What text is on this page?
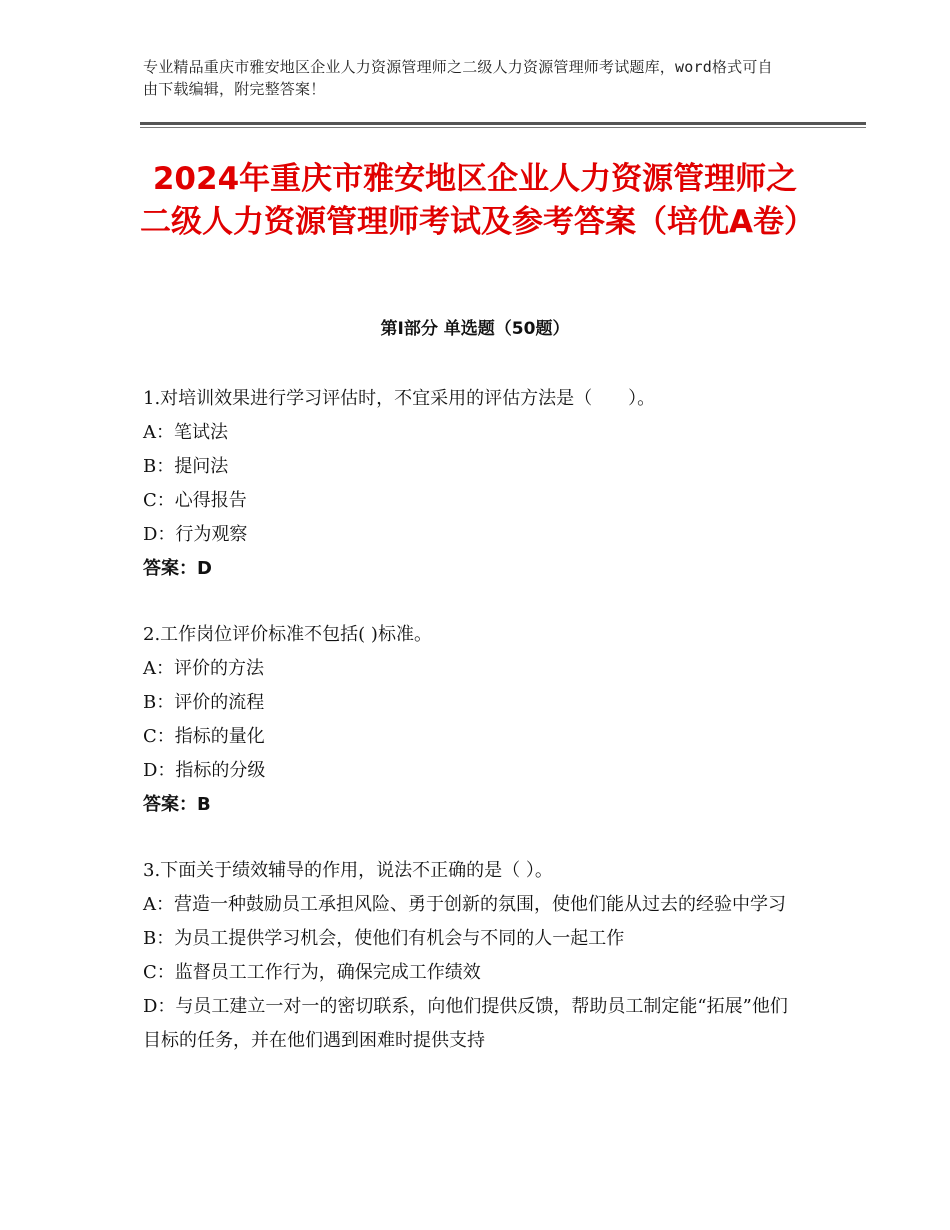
专业精品重庆市雅安地区企业人力资源管理师之二级人力资源管理师考试题库，word格式可自由下载编辑，附完整答案！
2024年重庆市雅安地区企业人力资源管理师之二级人力资源管理师考试及参考答案（培优A卷）
第Ⅰ部分 单选题（50题）
1.对培训效果进行学习评估时，不宜采用的评估方法是（　　）。
A：笔试法
B：提问法
C：心得报告
D：行为观察
答案：D
2.工作岗位评价标准不包括( )标准。
A：评价的方法
B：评价的流程
C：指标的量化
D：指标的分级
答案：B
3.下面关于绩效辅导的作用，说法不正确的是（ ）。
A：营造一种鼓励员工承担风险、勇于创新的氛围，使他们能从过去的经验中学习
B：为员工提供学习机会，使他们有机会与不同的人一起工作
C：监督员工工作行为，确保完成工作绩效
D：与员工建立一对一的密切联系，向他们提供反馈，帮助员工制定能“拓展”他们目标的任务，并在他们遇到困难时提供支持
